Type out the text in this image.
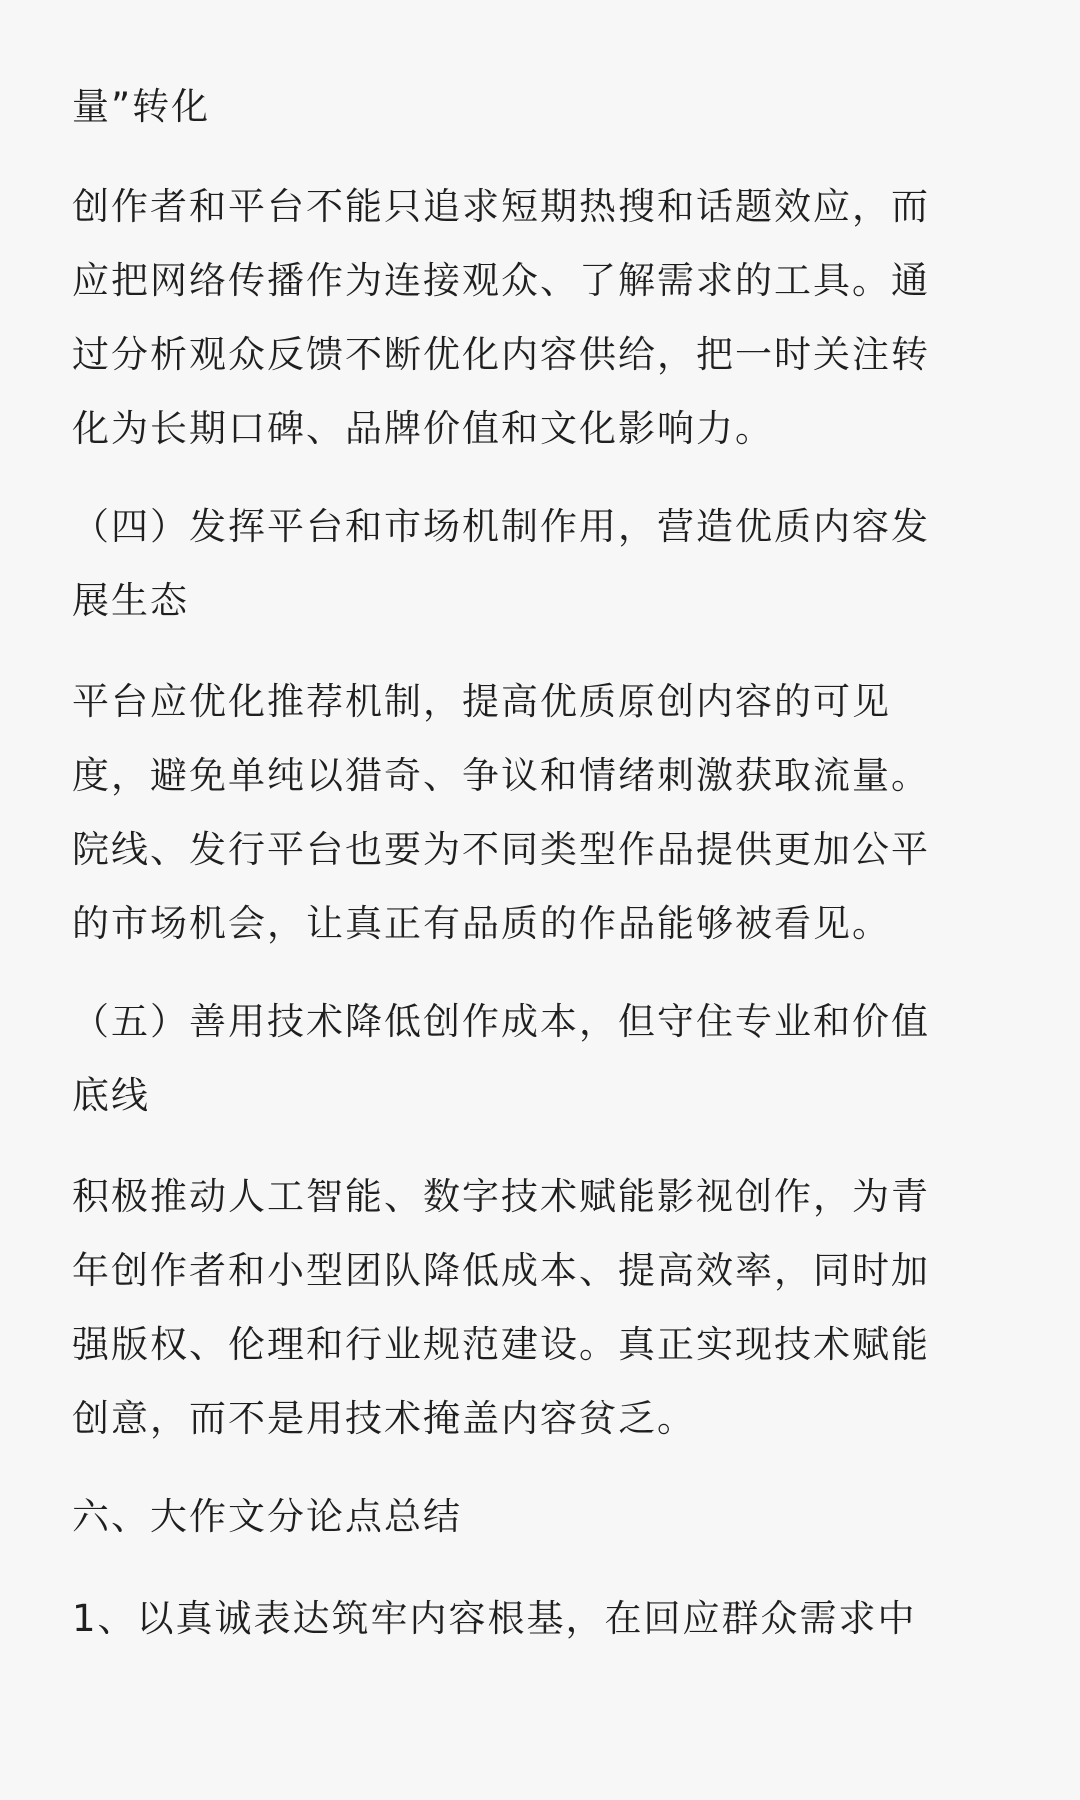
量”转化

创作者和平台不能只追求短期热搜和话题效应，而
应把网络传播作为连接观众、了解需求的工具。通
过分析观众反馈不断优化内容供给，把一时关注转
化为长期口碑、品牌价值和文化影响力。

（四）发挥平台和市场机制作用，营造优质内容发
展生态

平台应优化推荐机制，提高优质原创内容的可见
度，避免单纯以猎奇、争议和情绪刺激获取流量。
院线、发行平台也要为不同类型作品提供更加公平
的市场机会，让真正有品质的作品能够被看见。

（五）善用技术降低创作成本，但守住专业和价值
底线

积极推动人工智能、数字技术赋能影视创作，为青
年创作者和小型团队降低成本、提高效率，同时加
强版权、伦理和行业规范建设。真正实现技术赋能
创意，而不是用技术掩盖内容贫乏。

六、大作文分论点总结

1、以真诚表达筑牢内容根基，在回应群众需求中
